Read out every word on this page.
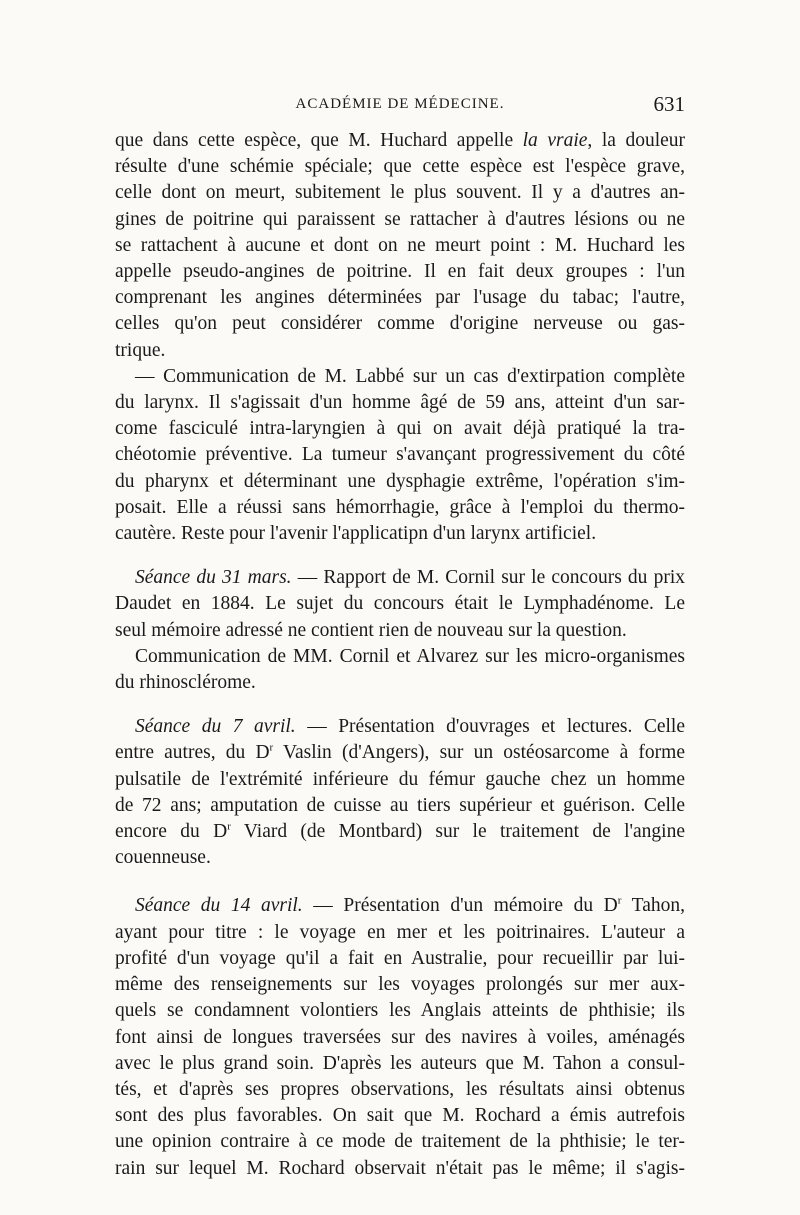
ACADÉMIE DE MÉDECINE.	631

que dans cette espèce, que M. Huchard appelle la vraie, la douleur
résulte d'une schémie spéciale; que cette espèce est l'espèce grave,
celle dont on meurt, subitement le plus souvent. Il y a d'autres an-
gines de poitrine qui paraissent se rattacher à d'autres lésions ou ne
se rattachent à aucune et dont on ne meurt point : M. Huchard les
appelle pseudo-angines de poitrine. Il en fait deux groupes : l'un
comprenant les angines déterminées par l'usage du tabac; l'autre,
celles qu'on peut considérer comme d'origine nerveuse ou gas-
trique.

— Communication de M. Labbé sur un cas d'extirpation complète
du larynx. Il s'agissait d'un homme âgé de 59 ans, atteint d'un sar-
come fasciculé intra-laryngien à qui on avait déjà pratiqué la tra-
chéotomie préventive. La tumeur s'avançant progressivement du côté
du pharynx et déterminant une dysphagie extrême, l'opération s'im-
posait. Elle a réussi sans hémorrhagie, grâce à l'emploi du thermo-
cautère. Reste pour l'avenir l'applicatipn d'un larynx artificiel.

Séance du 31 mars. — Rapport de M. Cornil sur le concours du prix
Daudet en 1884. Le sujet du concours était le Lymphadénome. Le
seul mémoire adressé ne contient rien de nouveau sur la question.
Communication de MM. Cornil et Alvarez sur les micro-organismes
du rhinosclérome.

Séance du 7 avril. — Présentation d'ouvrages et lectures. Celle
entre autres, du $D^r$ Vaslin (d'Angers), sur un ostéosarcome à forme
pulsatile de l'extrémité inférieure du fémur gauche chez un homme
de 72 ans; amputation de cuisse au tiers supérieur et guérison. Celle
encore du $D^r$ Viard (de Montbard) sur le traitement de l'angine
couenneuse.

Séance du 14 avril. — Présentation d'un mémoire du $D^r$ Tahon,
ayant pour titre : le voyage en mer et les poitrinaires. L'auteur a
profité d'un voyage qu'il a fait en Australie, pour recueillir par lui-
même des renseignements sur les voyages prolongés sur mer aux-
quels se condamnent volontiers les Anglais atteints de phthisie; ils
font ainsi de longues traversées sur des navires à voiles, aménagés
avec le plus grand soin. D'après les auteurs que M. Tahon a consul-
tés, et d'après ses propres observations, les résultats ainsi obtenus
sont des plus favorables. On sait que M. Rochard a émis autrefois
une opinion contraire à ce mode de traitement de la phthisie; le ter-
rain sur lequel M. Rochard observait n'était pas le même; il s'agis-
